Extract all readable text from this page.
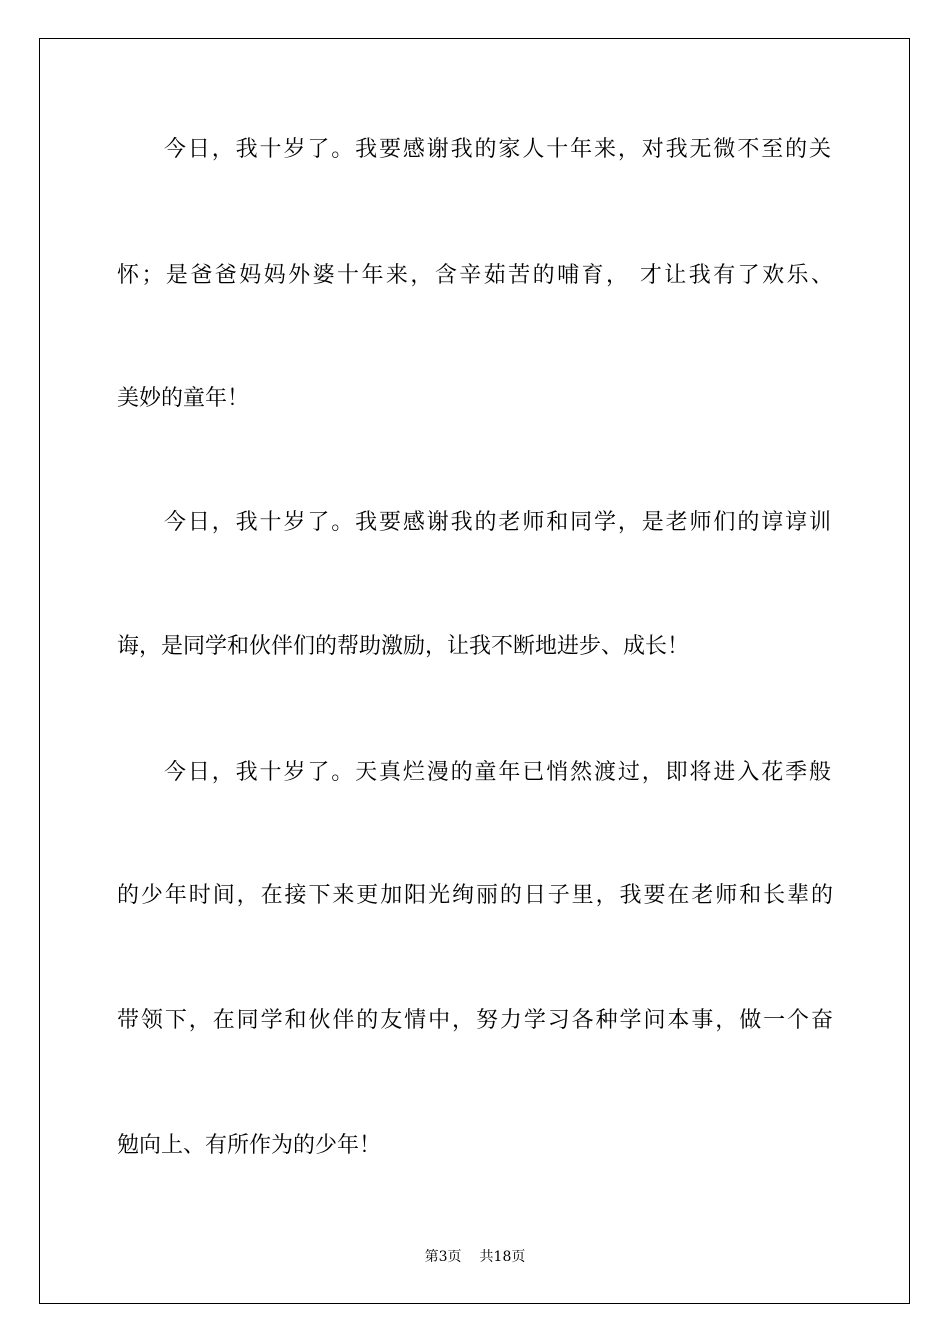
今日，我十岁了。我要感谢我的家人十年来，对我无微不至的关
怀；是爸爸妈妈外婆十年来，含辛茹苦的哺育， 才让我有了欢乐、
美妙的童年！
今日，我十岁了。我要感谢我的老师和同学，是老师们的谆谆训
诲，是同学和伙伴们的帮助激励，让我不断地进步、成长！
今日，我十岁了。天真烂漫的童年已悄然渡过，即将进入花季般
的少年时间，在接下来更加阳光绚丽的日子里，我要在老师和长辈的
带领下，在同学和伙伴的友情中，努力学习各种学问本事，做一个奋
勉向上、有所作为的少年！
第3页 共18页
